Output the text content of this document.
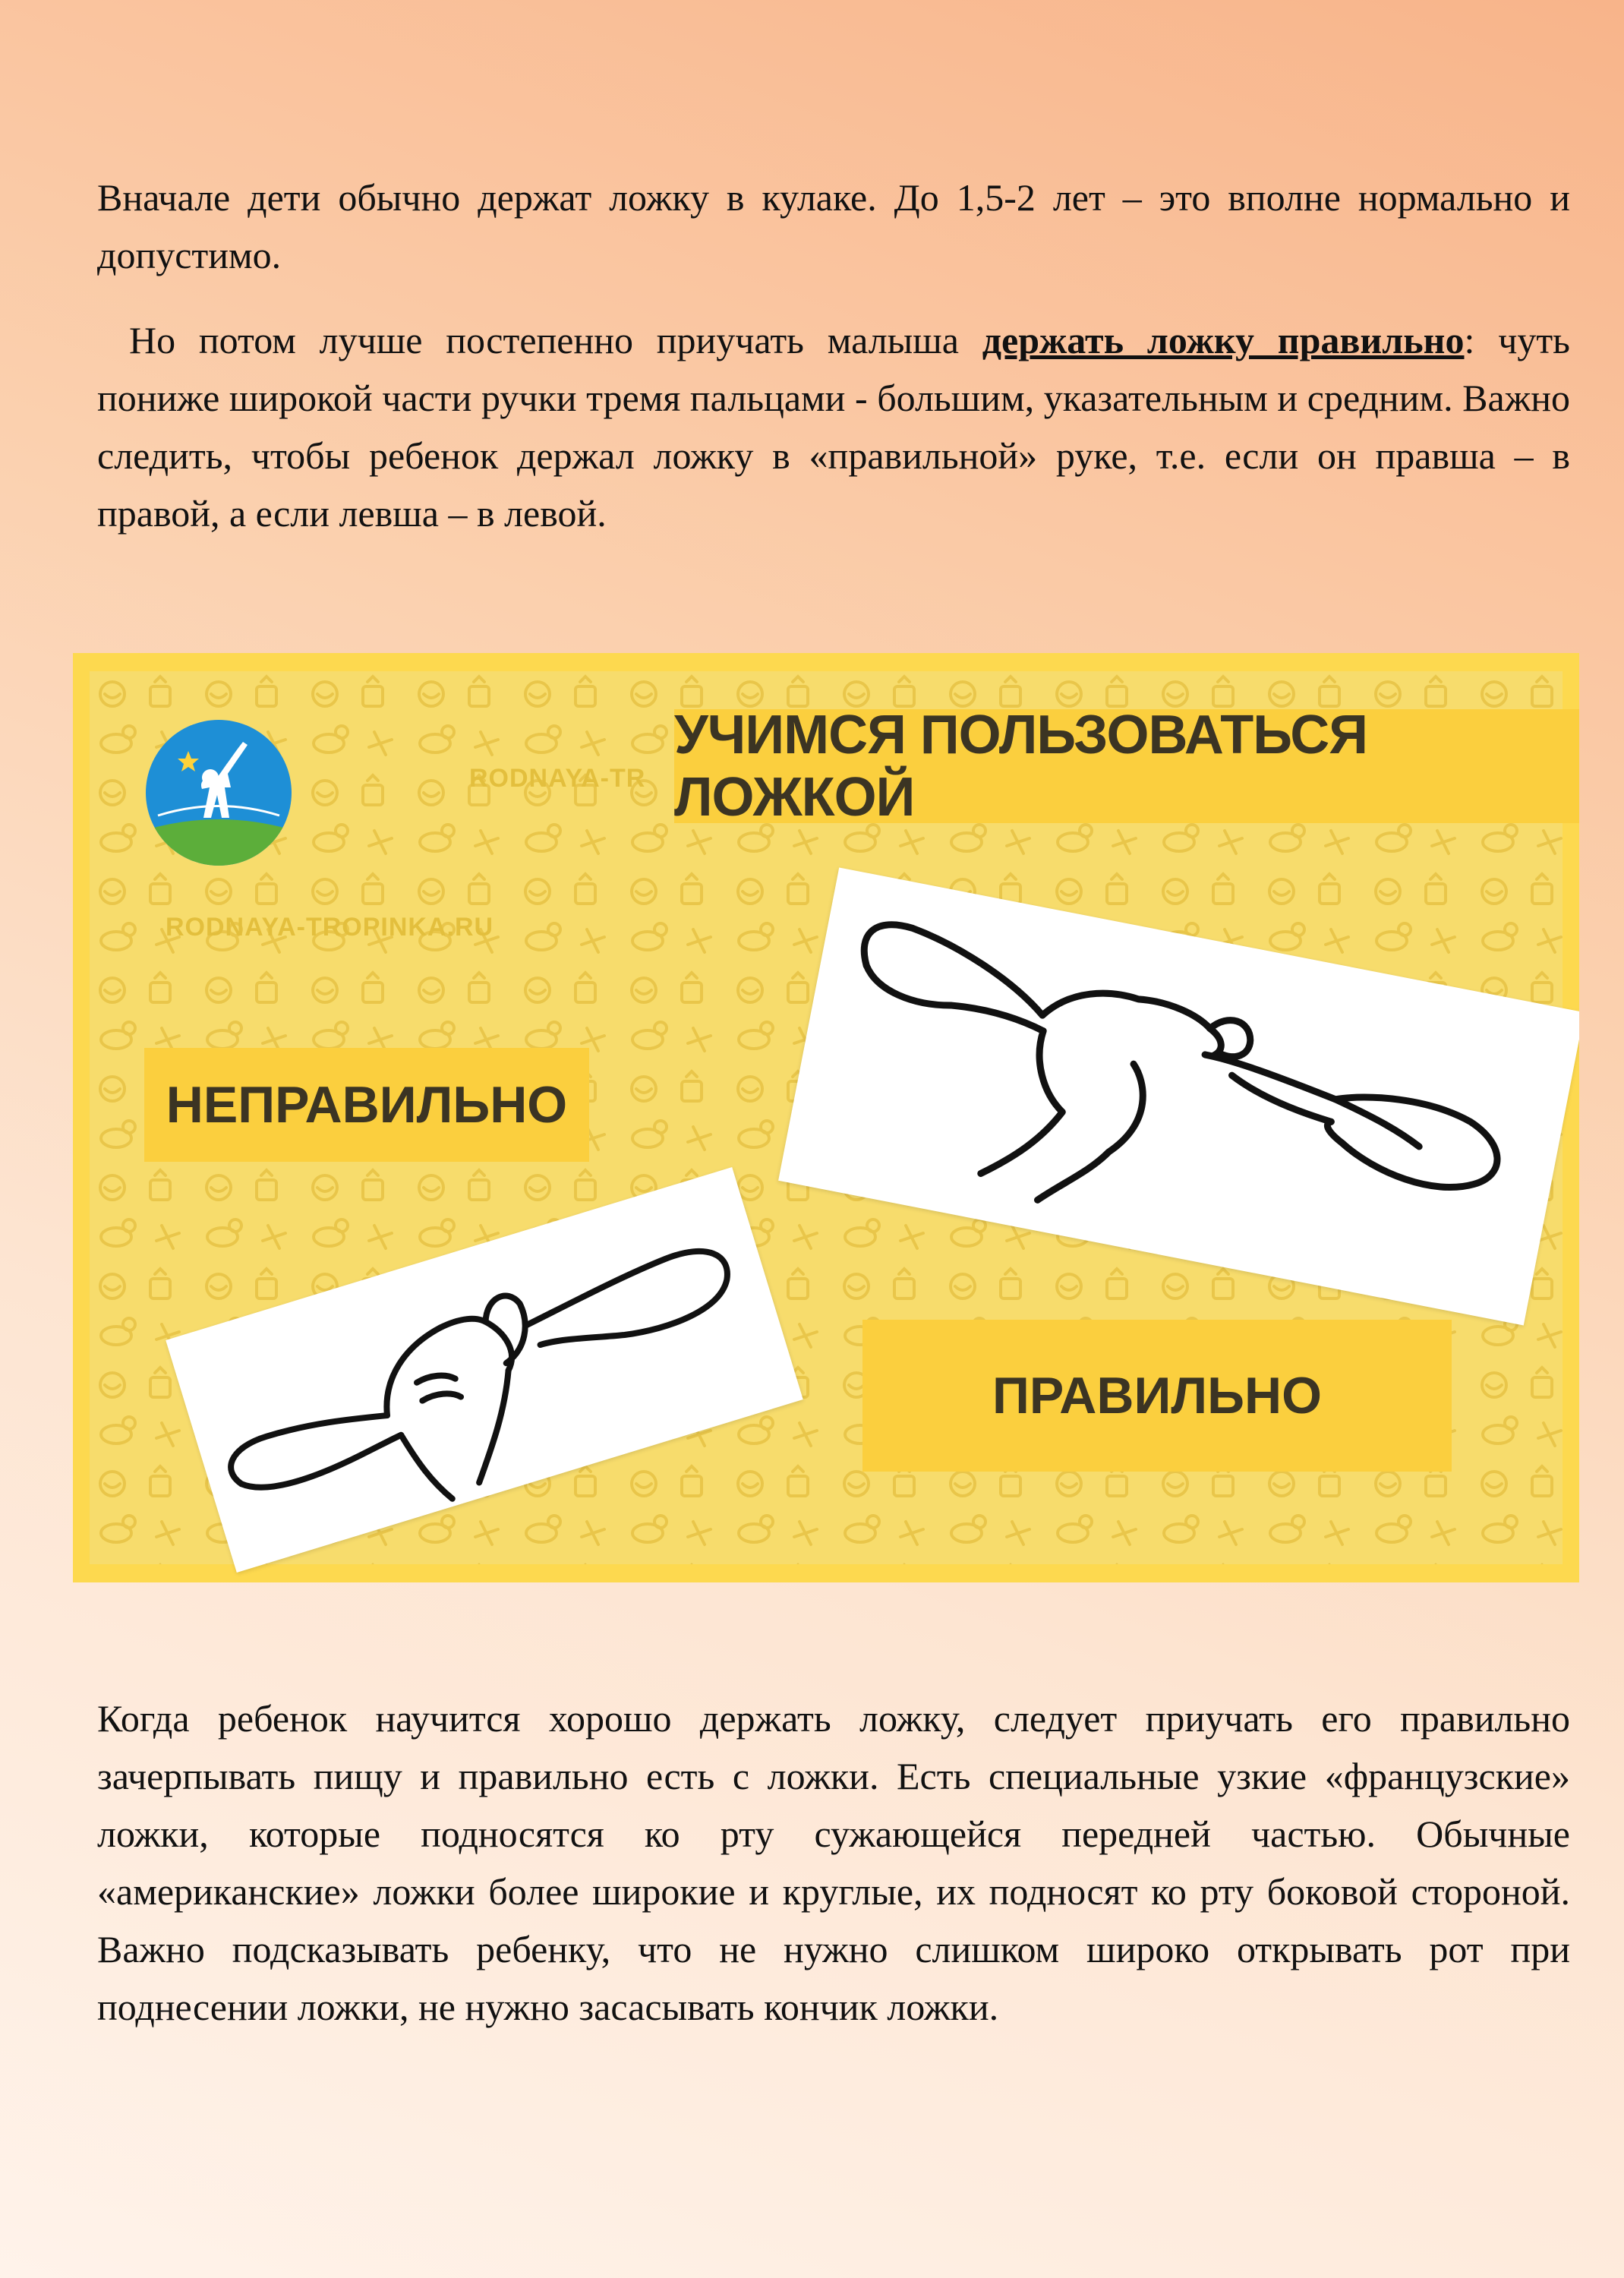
Вначале дети обычно держат ложку в кулаке. До 1,5-2 лет – это вполне нормально и допустимо.

Но потом лучше постепенно приучать малыша держать ложку правильно: чуть пониже широкой части ручки тремя пальцами - большим, указательным и средним. Важно следить, чтобы ребенок держал ложку в «правильной» руке, т.е. если он правша – в правой, а если левша – в левой.

RODNAYA-TR
RODNAYA-TROPINKA.RU
УЧИМСЯ ПОЛЬЗОВАТЬСЯ ЛОЖКОЙ
НЕПРАВИЛЬНО
ПРАВИЛЬНО

Когда ребенок научится хорошо держать ложку, следует приучать его правильно зачерпывать пищу и правильно есть с ложки. Есть специальные узкие «французские» ложки, которые подносятся ко рту сужающейся передней частью. Обычные «американские» ложки более широкие и круглые, их подносят ко рту боковой стороной. Важно подсказывать ребенку, что не нужно слишком широко открывать рот при поднесении ложки, не нужно засасывать кончик ложки.
